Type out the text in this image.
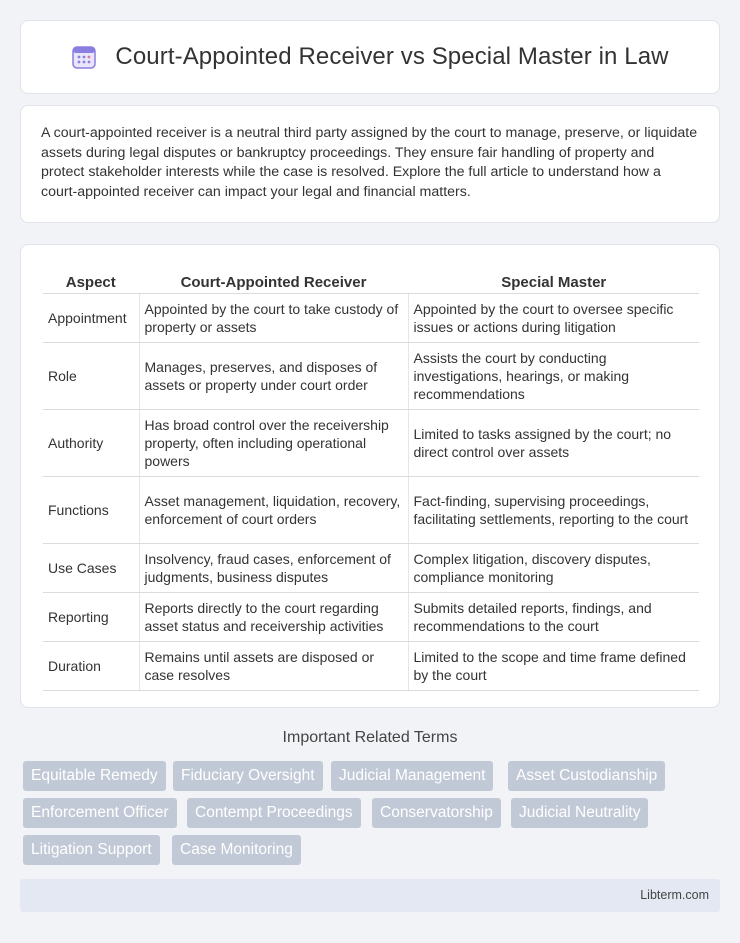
Court-Appointed Receiver vs Special Master in Law

A court-appointed receiver is a neutral third party assigned by the court to manage, preserve, or liquidate assets during legal disputes or bankruptcy proceedings. They ensure fair handling of property and protect stakeholder interests while the case is resolved. Explore the full article to understand how a court-appointed receiver can impact your legal and financial matters.

Aspect	Court-Appointed Receiver	Special Master
Appointment	Appointed by the court to take custody of property or assets	Appointed by the court to oversee specific issues or actions during litigation
Role	Manages, preserves, and disposes of assets or property under court order	Assists the court by conducting investigations, hearings, or making recommendations
Authority	Has broad control over the receivership property, often including operational powers	Limited to tasks assigned by the court; no direct control over assets
Functions	Asset management, liquidation, recovery, enforcement of court orders	Fact-finding, supervising proceedings, facilitating settlements, reporting to the court
Use Cases	Insolvency, fraud cases, enforcement of judgments, business disputes	Complex litigation, discovery disputes, compliance monitoring
Reporting	Reports directly to the court regarding asset status and receivership activities	Submits detailed reports, findings, and recommendations to the court
Duration	Remains until assets are disposed or case resolves	Limited to the scope and time frame defined by the court
Important Related Terms
Equitable Remedy	Fiduciary Oversight	Judicial Management	Asset Custodianship
Enforcement Officer	Contempt Proceedings	Conservatorship	Judicial Neutrality
Litigation Support	Case Monitoring
Libterm.com
